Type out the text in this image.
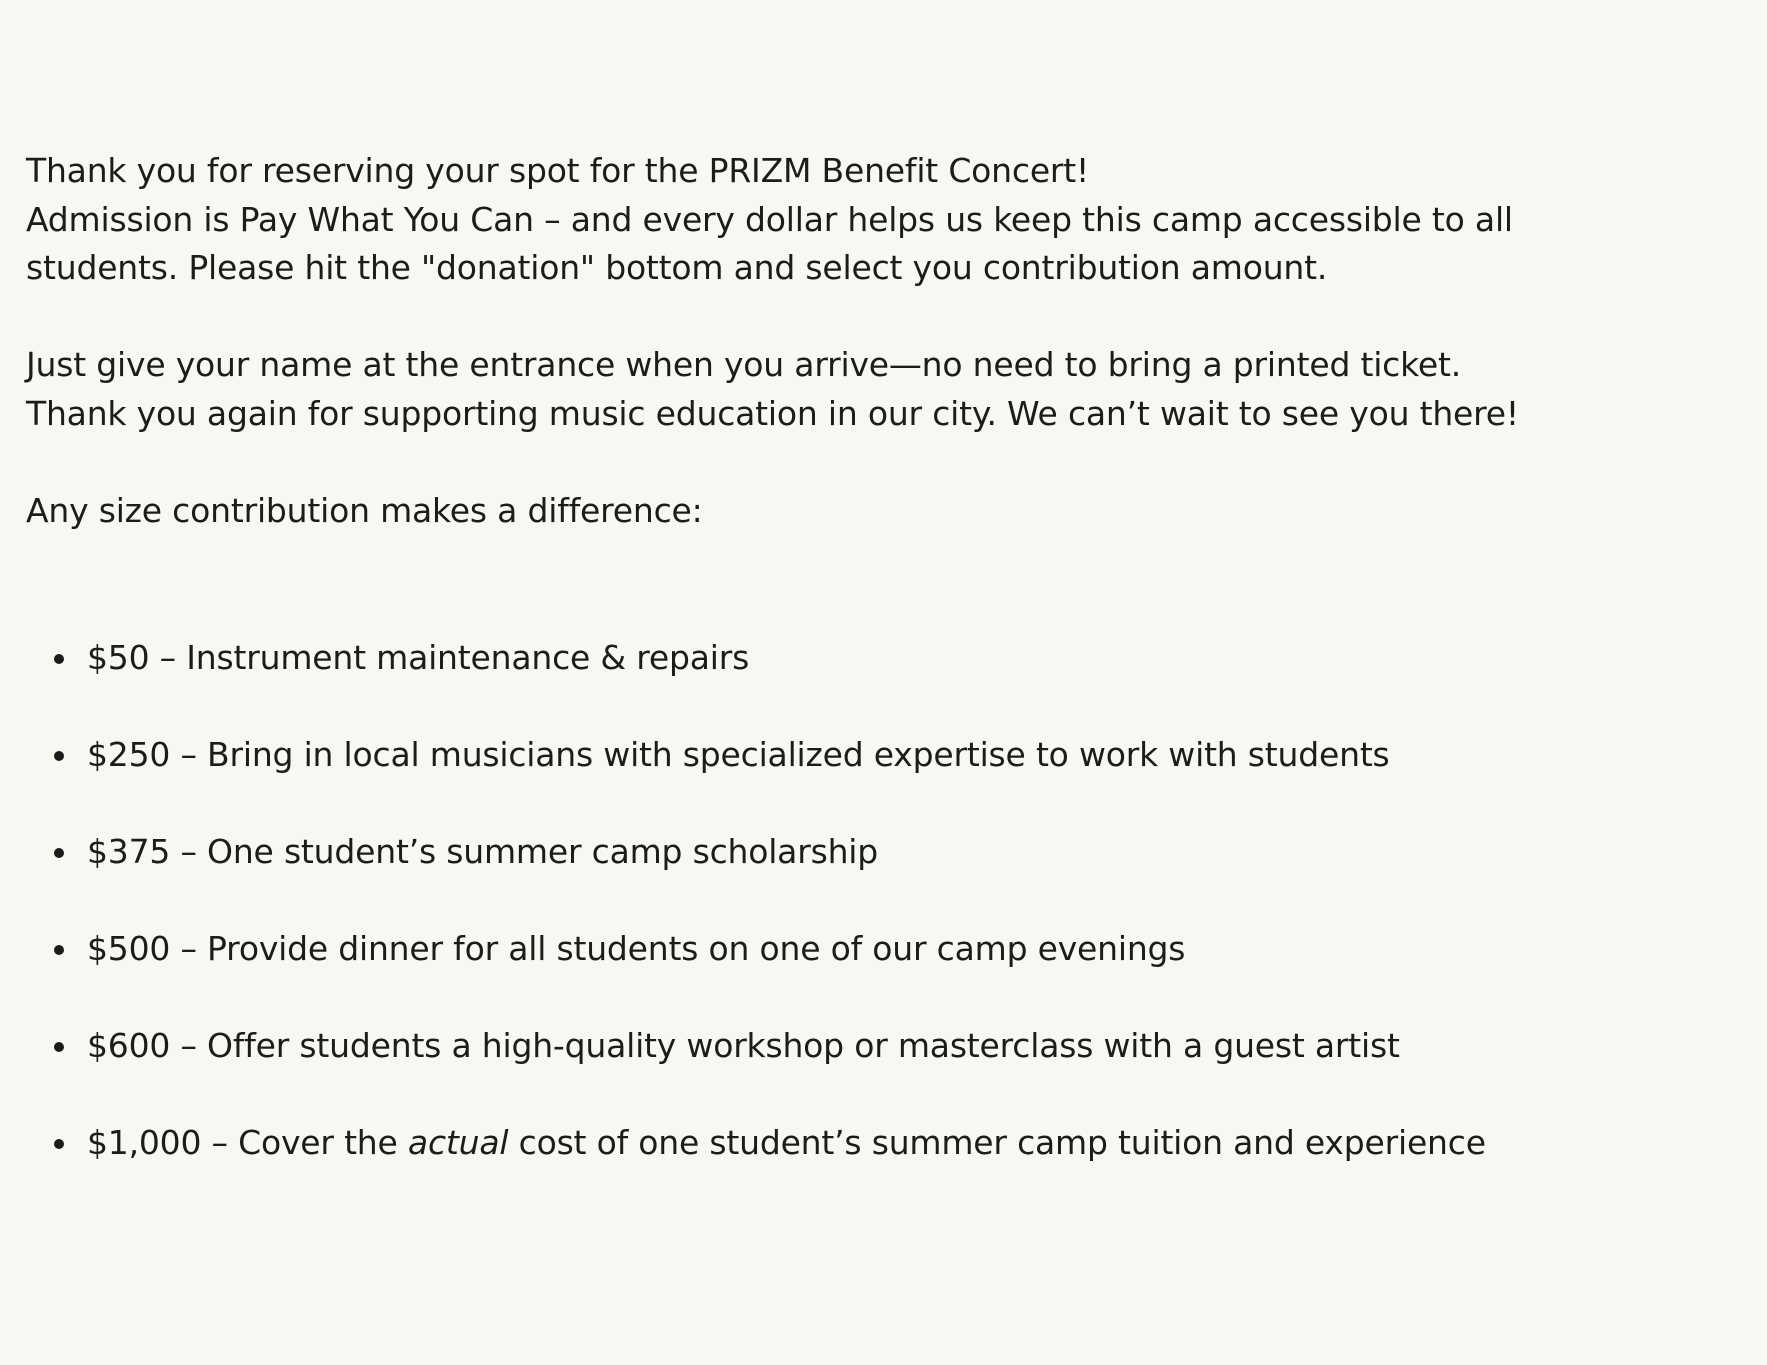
Thank you for reserving your spot for the PRIZM Benefit Concert!
Admission is Pay What You Can – and every dollar helps us keep this camp accessible to all
students. Please hit the "donation" bottom and select you contribution amount.

Just give your name at the entrance when you arrive—no need to bring a printed ticket.
Thank you again for supporting music education in our city. We can’t wait to see you there!

Any size contribution makes a difference:

$50 – Instrument maintenance & repairs
$250 – Bring in local musicians with specialized expertise to work with students
$375 – One student’s summer camp scholarship
$500 – Provide dinner for all students on one of our camp evenings
$600 – Offer students a high-quality workshop or masterclass with a guest artist
$1,000 – Cover the actual cost of one student’s summer camp tuition and experience
